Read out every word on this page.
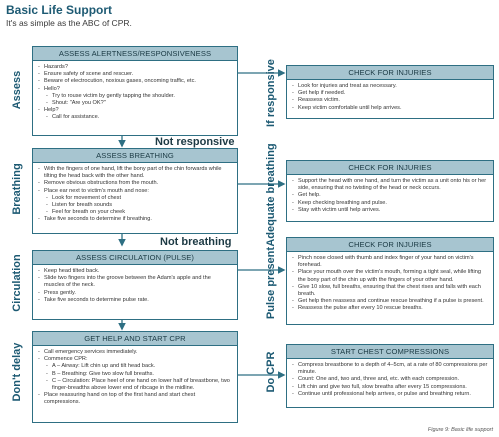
Basic Life Support
It's as simple as the ABC of CPR.
Assess
Breathing
Circulation
Don't delay
If responsive
Adequate breathing
Pulse present
Do CPR
ASSESS ALERTNESS/RESPONSIVENESS
- Hazards?
- Ensure safety of scene and rescuer.
- Beware of electrocution, noxious gases, oncoming traffic, etc.
- Hello?
- Try to rouse victim by gently tapping the shoulder.
- Shout: "Are you OK?"
- Help?
- Call for assistance.
CHECK FOR INJURIES
- Look for injuries and treat as necessary.
- Get help if needed.
- Reassess victim.
- Keep victim comfortable until help arrives.
Not responsive
ASSESS BREATHING
- With the fingers of one hand, lift the bony part of the chin forwards while tilting the head back with the other hand.
- Remove obvious obstructions from the mouth.
- Place ear next to victim's mouth and nose:
- Look for movement of chest
- Listen for breath sounds
- Feel for breath on your cheek
- Take five seconds to determine if breathing.
CHECK FOR INJURIES
- Support the head with one hand, and turn the victim as a unit onto his or her side, ensuring that no twisting of the head or neck occurs.
- Get help.
- Keep checking breathing and pulse.
- Stay with victim until help arrives.
Not breathing
ASSESS CIRCULATION (PULSE)
- Keep head tilted back.
- Slide two fingers into the groove between the Adam's apple and the muscles of the neck.
- Press gently.
- Take five seconds to determine pulse rate.
CHECK FOR INJURIES
- Pinch nose closed with thumb and index finger of your hand on victim's forehead.
- Place your mouth over the victim's mouth, forming a tight seal, while lifting the bony part of the chin up with the fingers of your other hand.
- Give 10 slow, full breaths, ensuring that the chest rises and falls with each breath.
- Get help then reassess and continue rescue breathing if a pulse is present.
- Reassess the pulse after every 10 rescue breaths.
GET HELP AND START CPR
- Call emergency services immediately.
- Commence CPR:
- A – Airway: Lift chin up and tilt head back.
- B – Breathing: Give two slow full breaths.
- C – Circulation: Place heel of one hand on lower half of breastbone, two finger-breadths above lower end of ribcage in the midline.
- Place reassuring hand on top of the first hand and start chest compressions.
START CHEST COMPRESSIONS
- Compress breastbone to a depth of 4–5cm, at a rate of 80 compressions per minute.
- Count: One and, two and, three and, etc. with each compression.
- Lift chin and give two full, slow breaths after every 15 compressions.
- Continue until professional help arrives, or pulse and breathing return.
Figure 9: Basic life support
